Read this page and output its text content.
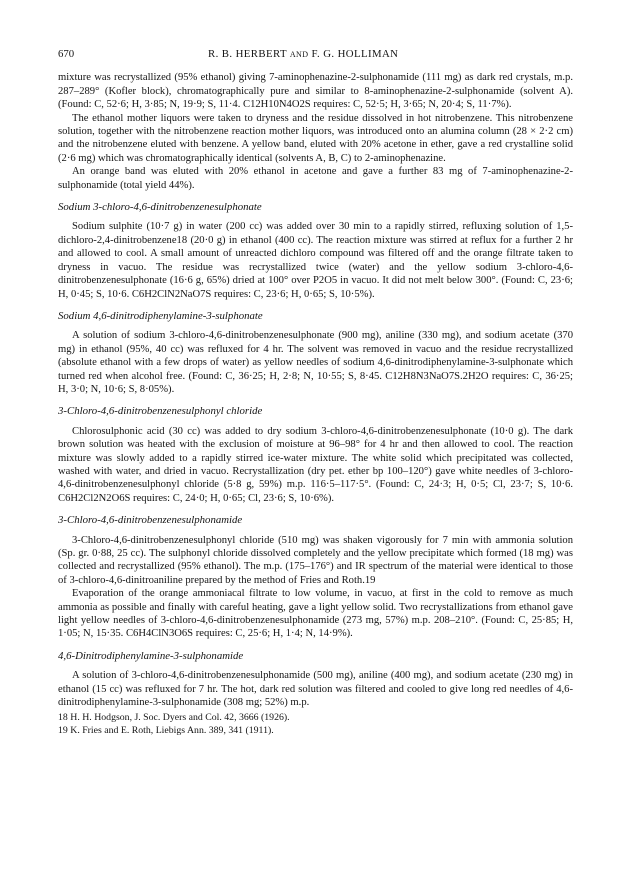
670	R. B. HERBERT and F. G. HOLLIMAN

mixture was recrystallized (95% ethanol) giving 7-aminophenazine-2-sulphonamide (111 mg) as dark red crystals, m.p. 287–289° (Kofler block), chromatographically pure and similar to 8-aminophenazine-2-sulphonamide (solvent A). (Found: C, 52·6; H, 3·85; N, 19·9; S, 11·4. C12H10N4O2S requires: C, 52·5; H, 3·65; N, 20·4; S, 11·7%).

The ethanol mother liquors were taken to dryness and the residue dissolved in hot nitrobenzene. This nitrobenzene solution, together with the nitrobenzene reaction mother liquors, was introduced onto an alumina column (28 × 2·2 cm) and the nitrobenzene eluted with benzene. A yellow band, eluted with 20% acetone in ether, gave a red crystalline solid (2·6 mg) which was chromatographically identical (solvents A, B, C) to 2-aminophenazine.

An orange band was eluted with 20% ethanol in acetone and gave a further 83 mg of 7-aminophenazine-2-sulphonamide (total yield 44%).

Sodium 3-chloro-4,6-dinitrobenzenesulphonate

Sodium sulphite (10·7 g) in water (200 cc) was added over 30 min to a rapidly stirred, refluxing solution of 1,5-dichloro-2,4-dinitrobenzene18 (20·0 g) in ethanol (400 cc). The reaction mixture was stirred at reflux for a further 2 hr and allowed to cool. A small amount of unreacted dichloro compound was filtered off and the orange filtrate taken to dryness in vacuo. The residue was recrystallized twice (water) and the yellow sodium 3-chloro-4,6-dinitrobenzenesulphonate (16·6 g, 65%) dried at 100° over P2O5 in vacuo. It did not melt below 300°. (Found: C, 23·6; H, 0·45; S, 10·6. C6H2ClN2NaO7S requires: C, 23·6; H, 0·65; S, 10·5%).

Sodium 4,6-dinitrodiphenylamine-3-sulphonate

A solution of sodium 3-chloro-4,6-dinitrobenzenesulphonate (900 mg), aniline (330 mg), and sodium acetate (370 mg) in ethanol (95%, 40 cc) was refluxed for 4 hr. The solvent was removed in vacuo and the residue recrystallized (absolute ethanol with a few drops of water) as yellow needles of sodium 4,6-dinitrodiphenylamine-3-sulphonate which turned red when alcohol free. (Found: C, 36·25; H, 2·8; N, 10·55; S, 8·45. C12H8N3NaO7S.2H2O requires: C, 36·25; H, 3·0; N, 10·6; S, 8·05%).

3-Chloro-4,6-dinitrobenzenesulphonyl chloride

Chlorosulphonic acid (30 cc) was added to dry sodium 3-chloro-4,6-dinitrobenzenesulphonate (10·0 g). The dark brown solution was heated with the exclusion of moisture at 96–98° for 4 hr and then allowed to cool. The reaction mixture was slowly added to a rapidly stirred ice-water mixture. The white solid which precipitated was collected, washed with water, and dried in vacuo. Recrystallization (dry pet. ether bp 100–120°) gave white needles of 3-chloro-4,6-dinitrobenzenesulphonyl chloride (5·8 g, 59%) m.p. 116·5–117·5°. (Found: C, 24·3; H, 0·5; Cl, 23·7; S, 10·6. C6H2Cl2N2O6S requires: C, 24·0; H, 0·65; Cl, 23·6; S, 10·6%).

3-Chloro-4,6-dinitrobenzenesulphonamide

3-Chloro-4,6-dinitrobenzenesulphonyl chloride (510 mg) was shaken vigorously for 7 min with ammonia solution (Sp. gr. 0·88, 25 cc). The sulphonyl chloride dissolved completely and the yellow precipitate which formed (18 mg) was collected and recrystallized (95% ethanol). The m.p. (175–176°) and IR spectrum of the material were identical to those of 3-chloro-4,6-dinitroaniline prepared by the method of Fries and Roth.19

Evaporation of the orange ammoniacal filtrate to low volume, in vacuo, at first in the cold to remove as much ammonia as possible and finally with careful heating, gave a light yellow solid. Two recrystallizations from ethanol gave light yellow needles of 3-chloro-4,6-dinitrobenzenesulphonamide (273 mg, 57%) m.p. 208–210°. (Found: C, 25·85; H, 1·05; N, 15·35. C6H4ClN3O6S requires: C, 25·6; H, 1·4; N, 14·9%).

4,6-Dinitrodiphenylamine-3-sulphonamide

A solution of 3-chloro-4,6-dinitrobenzenesulphonamide (500 mg), aniline (400 mg), and sodium acetate (230 mg) in ethanol (15 cc) was refluxed for 7 hr. The hot, dark red solution was filtered and cooled to give long red needles of 4,6-dinitrodiphenylamine-3-sulphonamide (308 mg; 52%) m.p.

18 H. H. Hodgson, J. Soc. Dyers and Col. 42, 3666 (1926).
19 K. Fries and E. Roth, Liebigs Ann. 389, 341 (1911).
